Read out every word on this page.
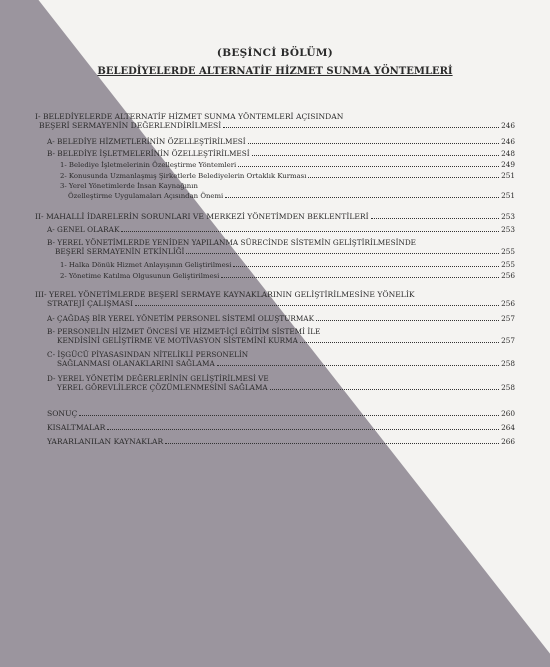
(BEŞİNCİ BÖLÜM)
BELEDİYELERDE ALTERNATİF HİZMET SUNMA YÖNTEMLERİ
I- BELEDİYELERDE ALTERNATİF HİZMET SUNMA YÖNTEMLERİ AÇISINDAN
BEŞERİ SERMAYENİN DEĞERLENDİRİLMESİ	246
A- BELEDİYE HİZMETLERİNİN ÖZELLEŞTİRİLMESİ	246
B- BELEDİYE İŞLETMELERİNİN ÖZELLEŞTİRİLMESİ	248
1- Belediye İşletmelerinin Özelleştirme Yöntemleri	249
2- Konusunda Uzmanlaşmış Şirketlerle Belediyelerin Ortaklık Kurması	251
3- Yerel Yönetimlerde İnsan Kaynağının
Özelleştirme Uygulamaları Açısından Önemi	251
II- MAHALLİ İDARELERİN SORUNLARI VE MERKEZİ YÖNETİMDEN BEKLENTİLERİ	253
A- GENEL OLARAK	253
B- YEREL YÖNETİMLERDE YENİDEN YAPILANMA SÜRECİNDE SİSTEMİN GELİŞTİRİLMESİNDE
BEŞERİ SERMAYENİN ETKİNLİĞİ	255
1- Halka Dönük Hizmet Anlayışının Geliştirilmesi	255
2- Yönetime Katılma Olgusunun Geliştirilmesi	256
III- YEREL YÖNETİMLERDE BEŞERİ SERMAYE KAYNAKLARININ GELİŞTİRİLMESİNE YÖNELİK
STRATEJİ ÇALIŞMASI	256
A- ÇAĞDAŞ BİR YEREL YÖNETİM PERSONEL SİSTEMİ OLUŞTURMAK	257
B- PERSONELİN HİZMET ÖNCESİ VE HİZMET-İÇİ EĞİTİM SİSTEMİ İLE
KENDİSİNİ GELİŞTİRME VE MOTİVASYON SİSTEMİNİ KURMA	257
C- İŞGÜCÜ PİYASASINDAN NİTELİKLİ PERSONELİN
SAĞLANMASI OLANAKLARINI SAĞLAMA	258
D- YEREL YÖNETİM DEĞERLERİNİN GELİŞTİRİLMESİ VE
YEREL GÖREVLİLERCE ÇÖZÜMLENMESİNİ SAĞLAMA	258
SONUÇ	260
KISALTMALAR	264
YARARLANILAN KAYNAKLAR	266
